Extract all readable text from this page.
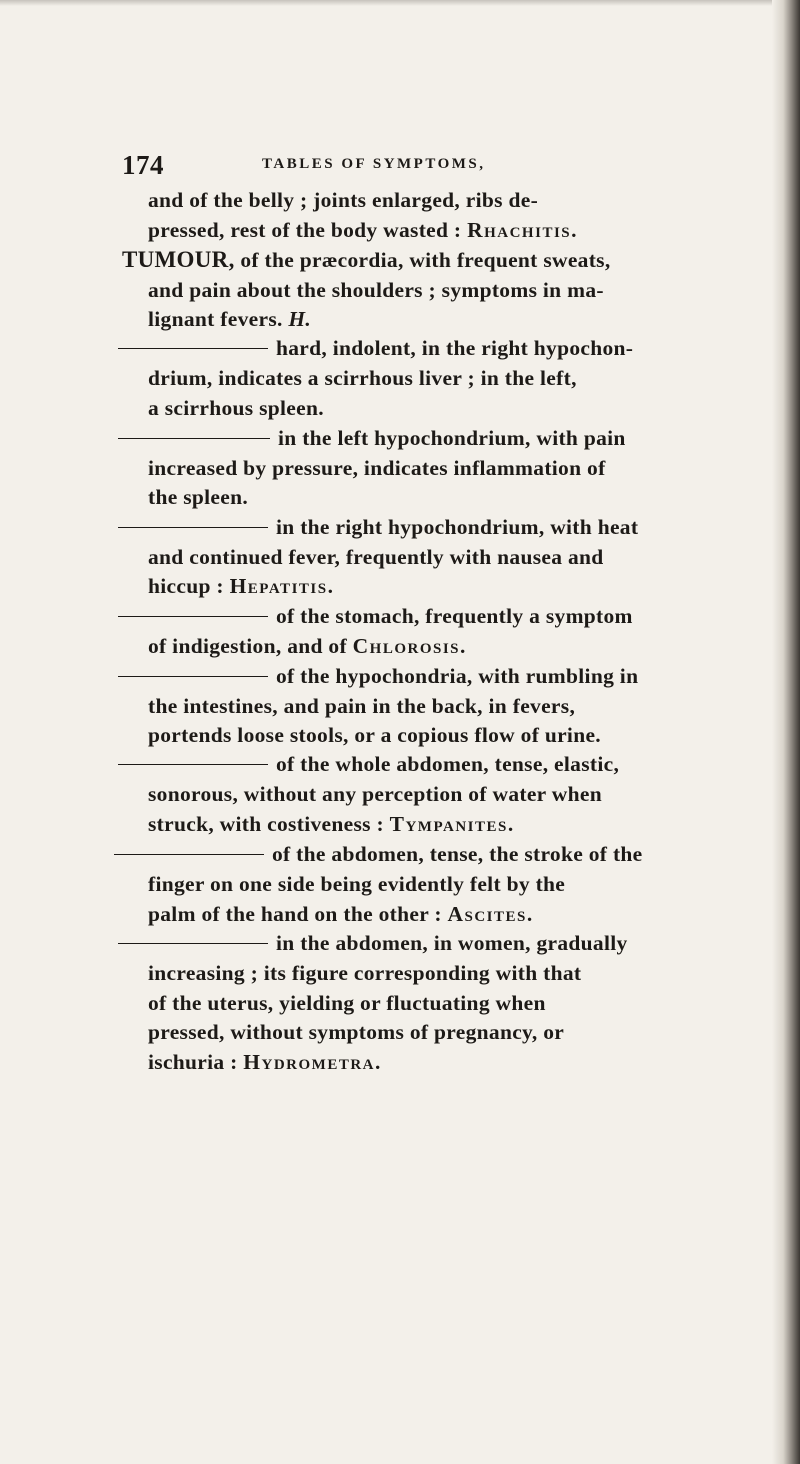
174	TABLES OF SYMPTOMS,
and of the belly ; joints enlarged, ribs de-
pressed, rest of the body wasted : Rhachitis.
TUMOUR, of the præcordia, with frequent sweats,
and pain about the shoulders ; symptoms in ma-
lignant fevers. H.
hard, indolent, in the right hypochon-
drium, indicates a scirrhous liver ; in the left,
a scirrhous spleen.
in the left hypochondrium, with pain
increased by pressure, indicates inflammation of
the spleen.
in the right hypochondrium, with heat
and continued fever, frequently with nausea and
hiccup : Hepatitis.
of the stomach, frequently a symptom
of indigestion, and of Chlorosis.
of the hypochondria, with rumbling in
the intestines, and pain in the back, in fevers,
portends loose stools, or a copious flow of urine.
of the whole abdomen, tense, elastic,
sonorous, without any perception of water when
struck, with costiveness : Tympanites.
of the abdomen, tense, the stroke of the
finger on one side being evidently felt by the
palm of the hand on the other : Ascites.
in the abdomen, in women, gradually
increasing ; its figure corresponding with that
of the uterus, yielding or fluctuating when
pressed, without symptoms of pregnancy, or
ischuria : Hydrometra.
